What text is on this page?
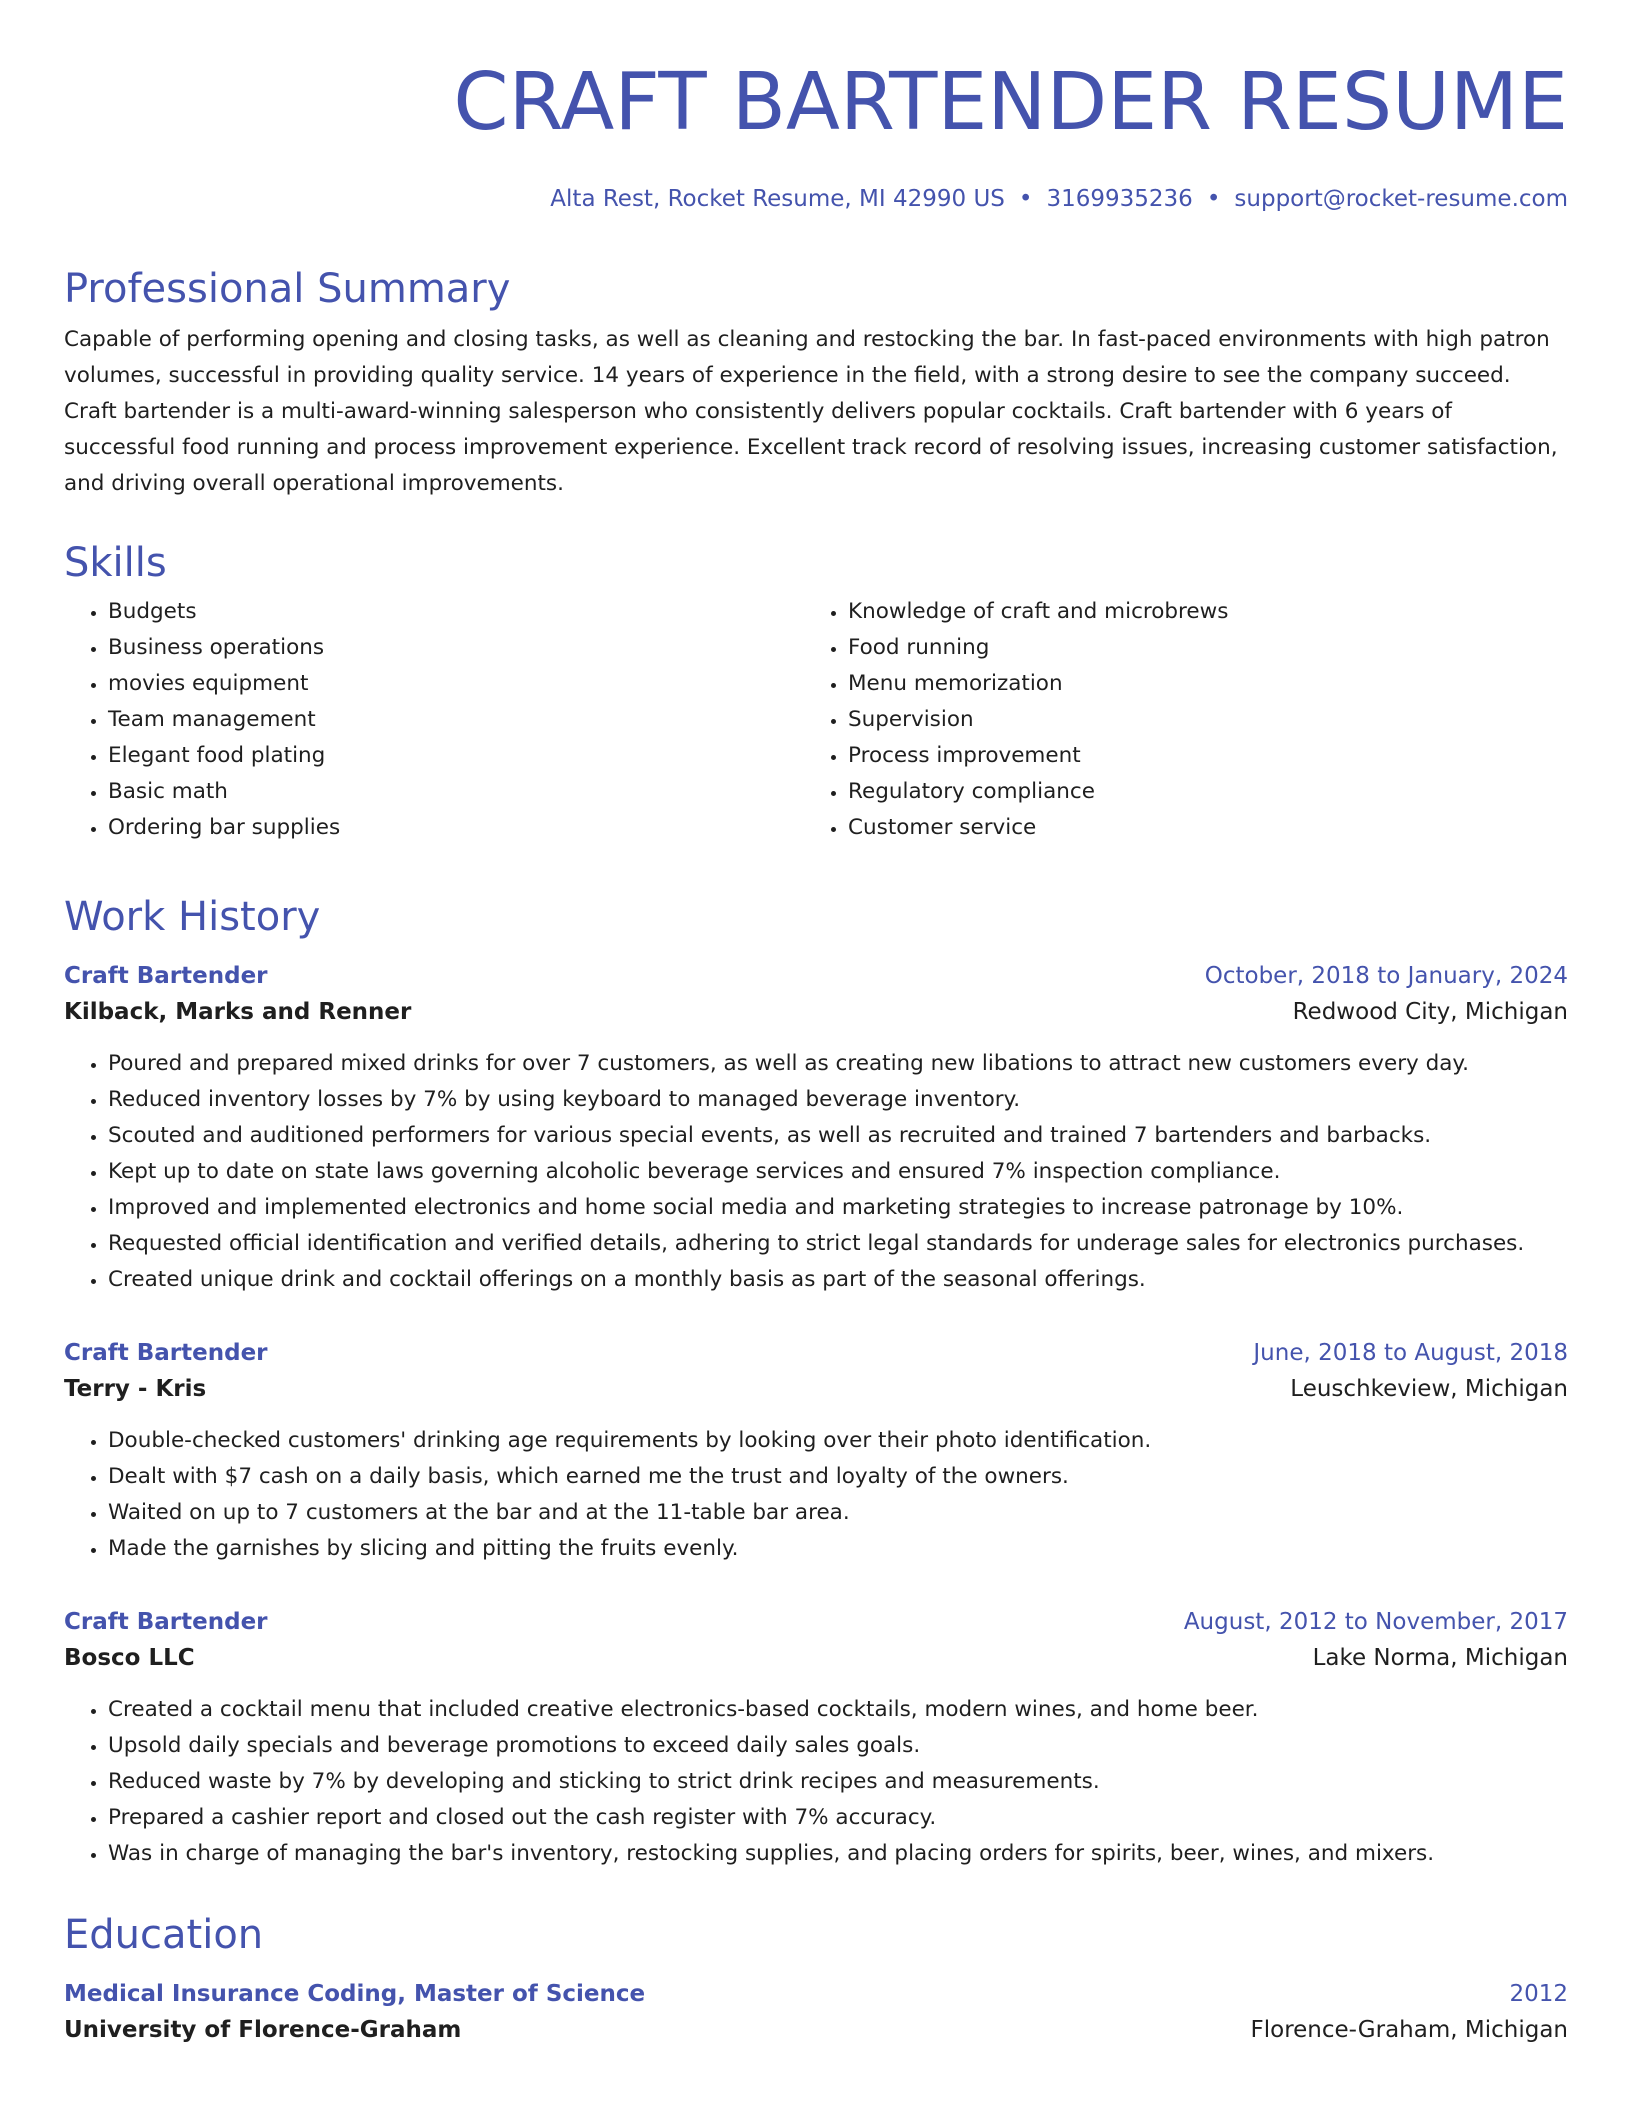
CRAFT BARTENDER RESUME
Alta Rest, Rocket Resume, MI 42990 US • 3169935236 • support@rocket-resume.com
Professional Summary

Capable of performing opening and closing tasks, as well as cleaning and restocking the bar. In fast-paced environments with high patron volumes, successful in providing quality service. 14 years of experience in the field, with a strong desire to see the company succeed. Craft bartender is a multi-award-winning salesperson who consistently delivers popular cocktails. Craft bartender with 6 years of successful food running and process improvement experience. Excellent track record of resolving issues, increasing customer satisfaction, and driving overall operational improvements.

Skills
• Budgets
• Business operations
• movies equipment
• Team management
• Elegant food plating
• Basic math
• Ordering bar supplies
• Knowledge of craft and microbrews
• Food running
• Menu memorization
• Supervision
• Process improvement
• Regulatory compliance
• Customer service
Work History
Craft Bartender	October, 2018 to January, 2024
Kilback, Marks and Renner	Redwood City, Michigan
• Poured and prepared mixed drinks for over 7 customers, as well as creating new libations to attract new customers every day.
• Reduced inventory losses by 7% by using keyboard to managed beverage inventory.
• Scouted and auditioned performers for various special events, as well as recruited and trained 7 bartenders and barbacks.
• Kept up to date on state laws governing alcoholic beverage services and ensured 7% inspection compliance.
• Improved and implemented electronics and home social media and marketing strategies to increase patronage by 10%.
• Requested official identification and verified details, adhering to strict legal standards for underage sales for electronics purchases.
• Created unique drink and cocktail offerings on a monthly basis as part of the seasonal offerings.
Craft Bartender	June, 2018 to August, 2018
Terry - Kris	Leuschkeview, Michigan
• Double-checked customers' drinking age requirements by looking over their photo identification.
• Dealt with $7 cash on a daily basis, which earned me the trust and loyalty of the owners.
• Waited on up to 7 customers at the bar and at the 11-table bar area.
• Made the garnishes by slicing and pitting the fruits evenly.
Craft Bartender	August, 2012 to November, 2017
Bosco LLC	Lake Norma, Michigan
• Created a cocktail menu that included creative electronics-based cocktails, modern wines, and home beer.
• Upsold daily specials and beverage promotions to exceed daily sales goals.
• Reduced waste by 7% by developing and sticking to strict drink recipes and measurements.
• Prepared a cashier report and closed out the cash register with 7% accuracy.
• Was in charge of managing the bar's inventory, restocking supplies, and placing orders for spirits, beer, wines, and mixers.
Education
Medical Insurance Coding, Master of Science	2012
University of Florence-Graham	Florence-Graham, Michigan
